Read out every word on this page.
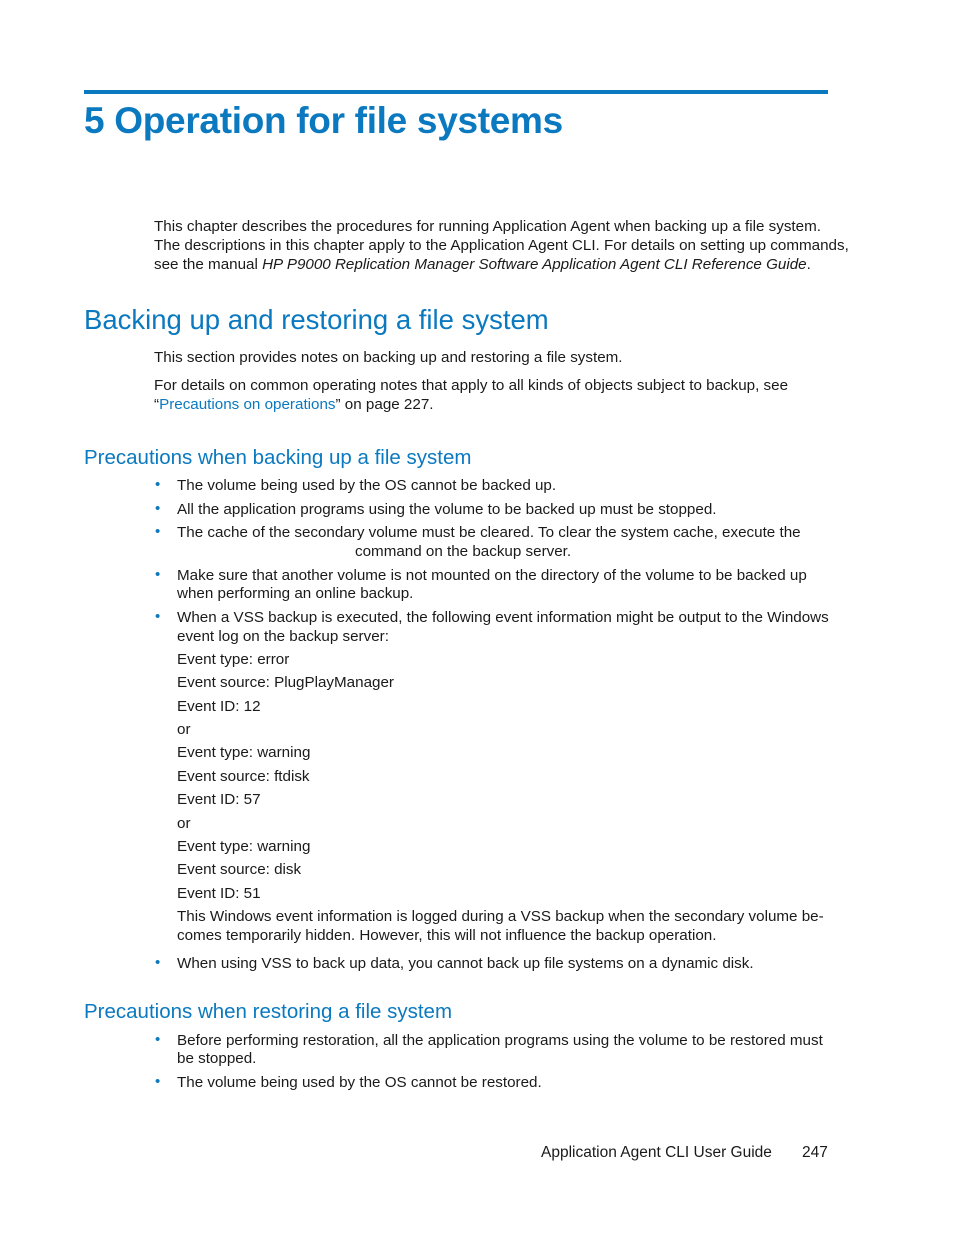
5 Operation for file systems
This chapter describes the procedures for running Application Agent when backing up a file system.
The descriptions in this chapter apply to the Application Agent CLI. For details on setting up commands,
see the manual HP P9000 Replication Manager Software Application Agent CLI Reference Guide.
Backing up and restoring a file system
This section provides notes on backing up and restoring a file system.
For details on common operating notes that apply to all kinds of objects subject to backup, see
“Precautions on operations” on page 227.
Precautions when backing up a file system
• The volume being used by the OS cannot be backed up.
• All the application programs using the volume to be backed up must be stopped.
• The cache of the secondary volume must be cleared. To clear the system cache, execute the
command on the backup server.
• Make sure that another volume is not mounted on the directory of the volume to be backed up
when performing an online backup.
• When a VSS backup is executed, the following event information might be output to the Windows
event log on the backup server:
Event type: error
Event source: PlugPlayManager
Event ID: 12
or
Event type: warning
Event source: ftdisk
Event ID: 57
or
Event type: warning
Event source: disk
Event ID: 51
This Windows event information is logged during a VSS backup when the secondary volume be-
comes temporarily hidden. However, this will not influence the backup operation.
• When using VSS to back up data, you cannot back up file systems on a dynamic disk.
Precautions when restoring a file system
• Before performing restoration, all the application programs using the volume to be restored must
be stopped.
• The volume being used by the OS cannot be restored.
Application Agent CLI User Guide 247
